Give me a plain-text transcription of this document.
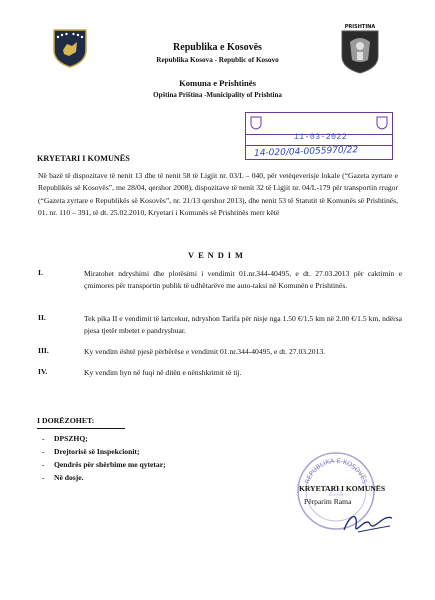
PRISHTINA
Republika e Kosovës
Republika Kosova - Republic of Kosovo
Komuna e Prishtinës
Opština Priština -Municipality of Prishtina
11-03-2022
14-020/04-0055970/22
KRYETARI I KOMUNËS
Në bazë të dispozitave të nenit 13 dhe të nenit 58 të Ligjit nr. 03/L – 040, për vetëqeverisje lokale (“Gazeta zyrtare e Republikës së Kosovës”, me 28/04, qershor 2008), dispozitave të nenit 32 të Ligjit nr. 04/L-179 për transportin rrugor (“Gazeta zyrtare e Republikës së Kosovës”, nr. 21/13 qershor 2013), dhe nenit 53 të Statutit të Komunës së Prishtinës, 01. nr. 110 – 391, të dt. 25.02.2010, Kryetari i Komunës së Prishtinës merr këtë
VENDIM
I.	Miratohet ndryshimi dhe plotësimi i vendimit 01.nr.344-40495, e dt. 27.03.2013 për caktimin e çmimores për transportin publik të udhëtarëve me auto-taksi në Komunën e Prishtinës.
II.	Tek pika II e vendimit të lartcekur, ndryshon Tarifa për nisje nga 1.50 €/1.5 km në 2.00 €/1.5 km, ndërsa pjesa tjetër mbetet e pandryshuar.
III.	Ky vendim është pjesë përbërëse e vendimit 01.nr.344-40495, e dt. 27.03.2013.
IV.	Ky vendim hyn në fuqi në ditën e nënshkrimit të tij.
I DORËZOHET:
- DPSZHQ;
- Drejtorisë së Inspekcionit;
- Qendrës për shërbime me qytetar;
- Në dosje.	REPUBLIKA E KOSOVËS
KRYETARI I KOMUNËS
Përparim Rama
